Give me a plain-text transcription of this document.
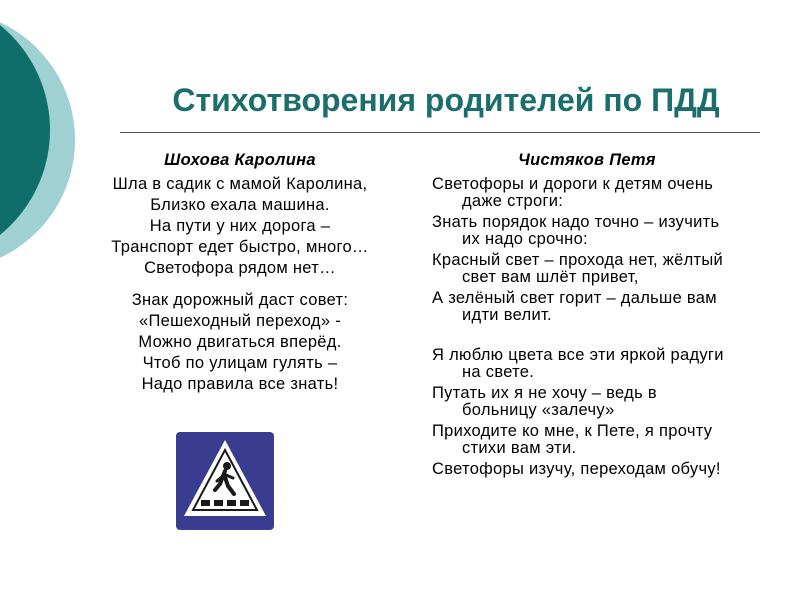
Стихотворения родителей по ПДД
Шохова Каролина
Шла в садик с мамой Каролина,
Близко ехала машина.
На пути у них дорога –
Транспорт едет быстро, много…
Светофора рядом нет…
Знак дорожный даст совет:
«Пешеходный переход» -
Можно двигаться вперёд.
Чтоб по улицам гулять –
Надо правила все знать!
Чистяков Петя
Светофоры и дороги к детям очень даже строги:
Знать порядок надо точно – изучить их надо срочно:
Красный свет – прохода нет, жёлтый свет вам шлёт привет,
А зелёный свет горит – дальше вам идти велит.
Я люблю цвета все эти яркой радуги на свете.
Путать их я не хочу – ведь в больницу «залечу»
Приходите ко мне, к Пете, я прочту стихи вам эти.
Светофоры изучу, переходам обучу!
